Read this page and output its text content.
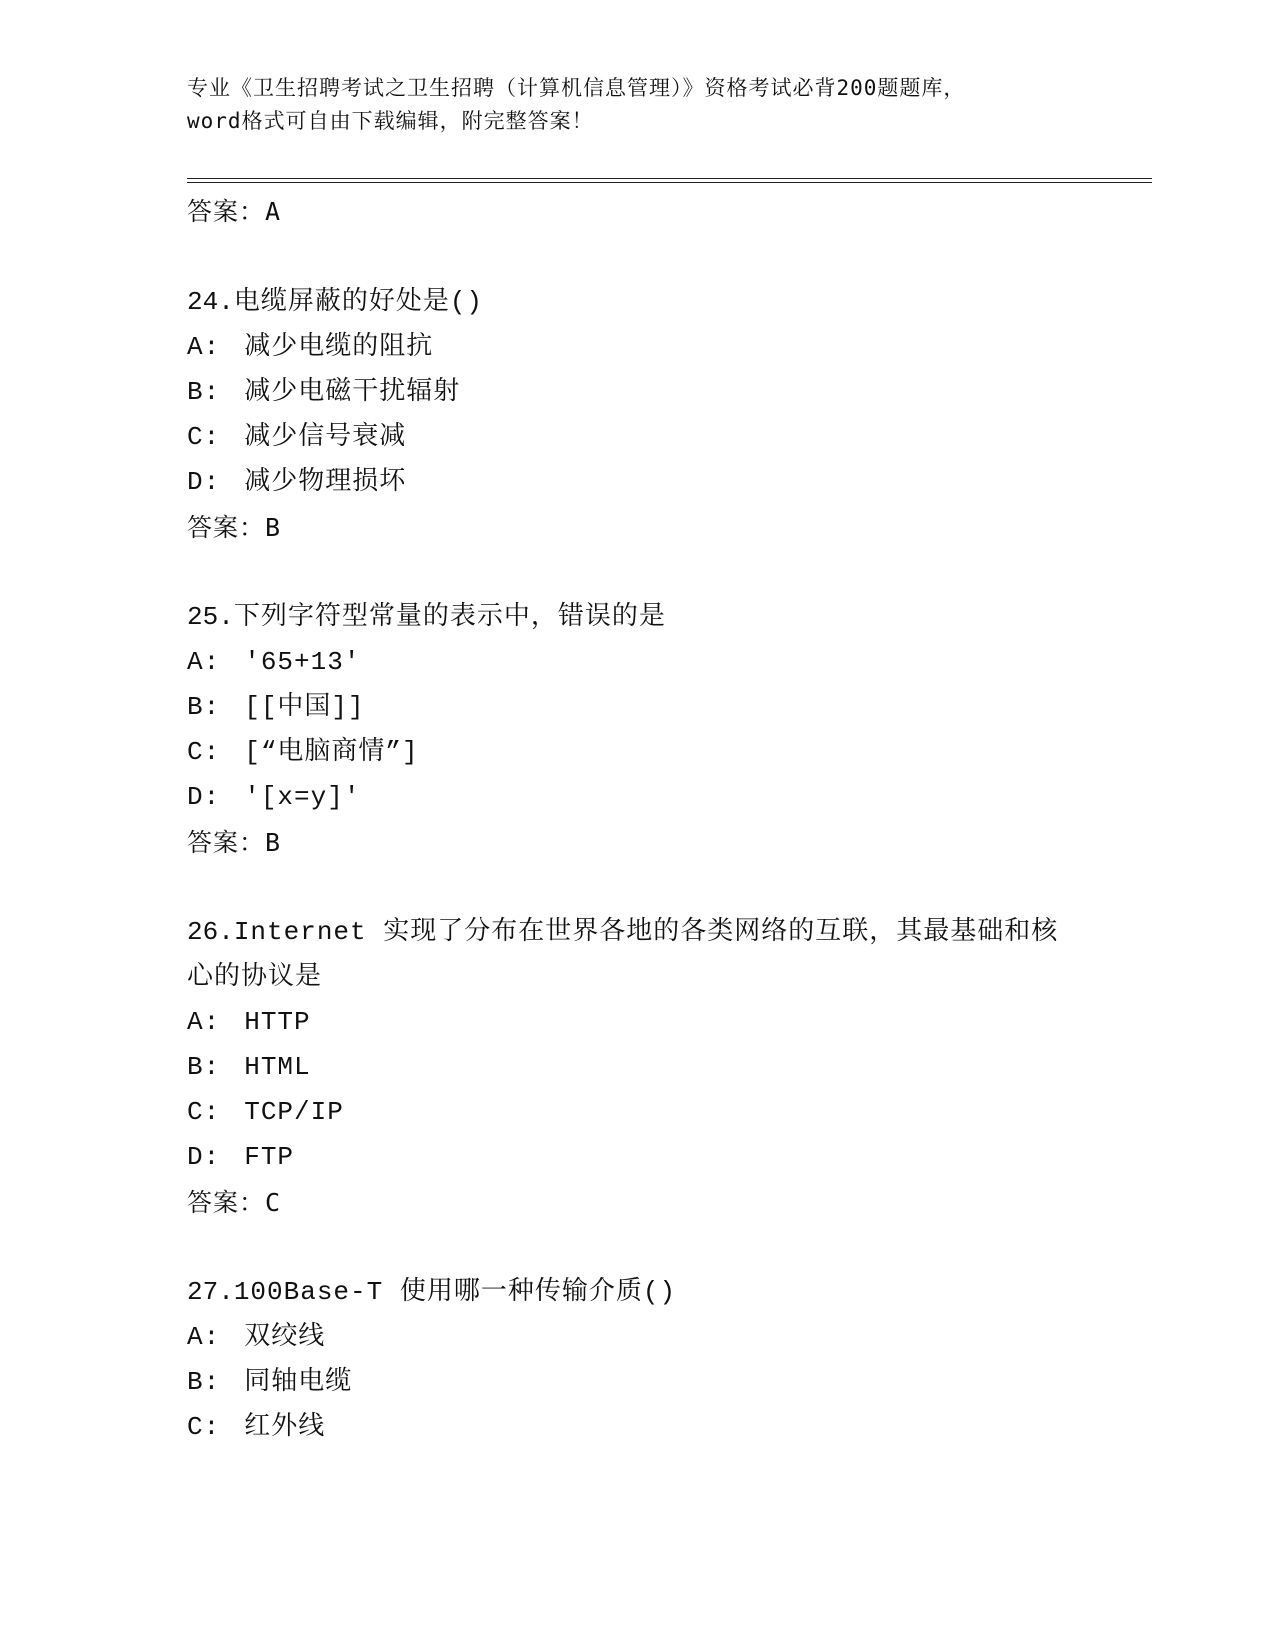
专业《卫生招聘考试之卫生招聘（计算机信息管理）》资格考试必背200题题库，
word格式可自由下载编辑，附完整答案！
答案：A
24.电缆屏蔽的好处是()
A: 减少电缆的阻抗
B: 减少电磁干扰辐射
C: 减少信号衰减
D: 减少物理损坏
答案：B
25.下列字符型常量的表示中，错误的是
A: ′65+13′
B: [[中国]]
C: [“电脑商情”]
D: ′[x=y]′
答案：B
26.Internet 实现了分布在世界各地的各类网络的互联，其最基础和核心的协议是
A: HTTP
B: HTML
C: TCP/IP
D: FTP
答案：C
27.100Base-T 使用哪一种传输介质()
A: 双绞线
B: 同轴电缆
C: 红外线
